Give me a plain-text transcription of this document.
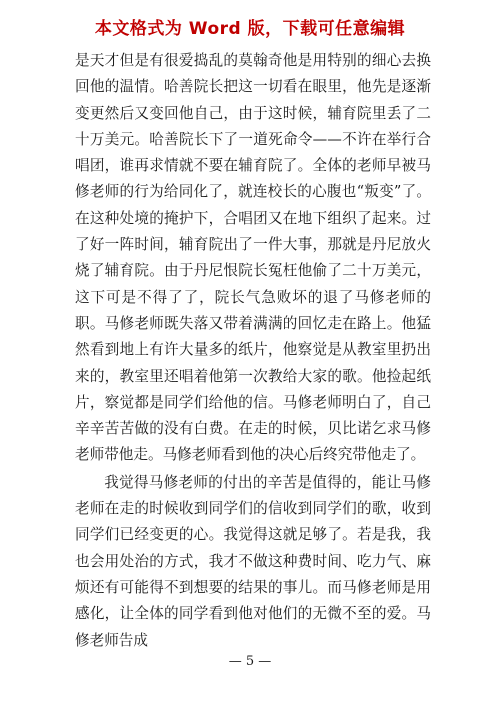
本文格式为 Word 版，下载可任意编辑

是天才但是有很爱捣乱的莫翰奇他是用特别的细心去换回他的温情。哈善院长把这一切看在眼里，他先是逐渐变更然后又变回他自己，由于这时候，辅育院里丢了二十万美元。哈善院长下了一道死命令——不许在举行合唱团，谁再求情就不要在辅育院了。全体的老师早被马修老师的行为给同化了，就连校长的心腹也“叛变”了。在这种处境的掩护下，合唱团又在地下组织了起来。过了好一阵时间，辅育院出了一件大事，那就是丹尼放火烧了辅育院。由于丹尼恨院长冤枉他偷了二十万美元，这下可是不得了了，院长气急败坏的退了马修老师的职。马修老师既失落又带着满满的回忆走在路上。他猛然看到地上有许大量多的纸片，他察觉是从教室里扔出来的，教室里还唱着他第一次教给大家的歌。他捡起纸片，察觉都是同学们给他的信。马修老师明白了，自己辛辛苦苦做的没有白费。在走的时候，贝比诺乞求马修老师带他走。马修老师看到他的决心后终究带他走了。

我觉得马修老师的付出的辛苦是值得的，能让马修老师在走的时候收到同学们的信收到同学们的歌，收到同学们已经变更的心。我觉得这就足够了。若是我，我也会用处治的方式，我才不做这种费时间、吃力气、麻烦还有可能得不到想要的结果的事儿。而马修老师是用感化，让全体的同学看到他对他们的无微不至的爱。马修老师告成

— 5 —
